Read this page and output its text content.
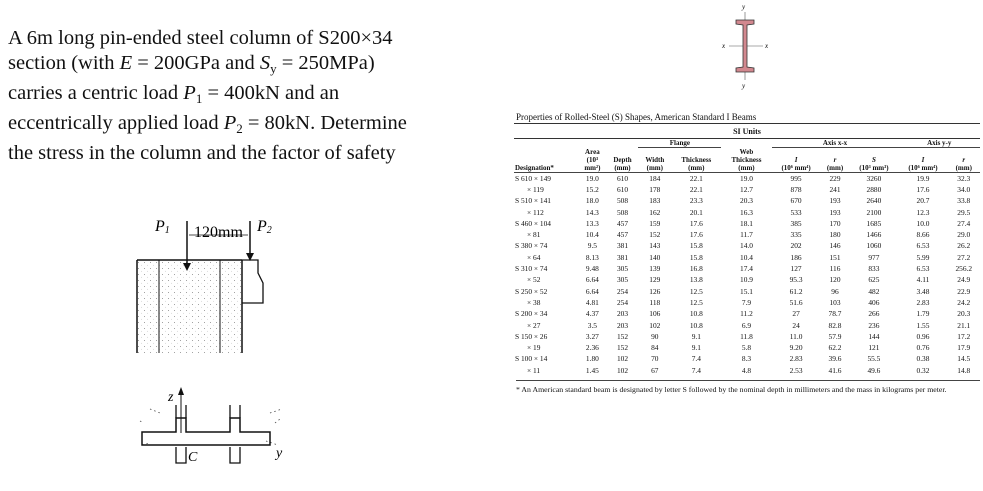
A 6m long pin-ended steel column of S200×34

section (with E = 200GPa and $S_y = 250MPa$)

carries a centric load $P_1 = 400kN$ and an

eccentrically applied load $P_2 = 80kN$. Determine

the stress in the column and the factor of safety

P1 120mm P2
z
C	y
y
y
x	x
Properties of Rolled-Steel (S) Shapes, American Standard I Beams
SI Units
			Flange			Axis x-x			Axis y-y	
Designation*	Area
(10³
mm²)	Depth
(mm)	Width
(mm)	Thickness
(mm)	Web
Thickness
(mm)	I
(10⁶ mm⁴)	r
(mm)	S
(10³ mm³)	I
(10⁶ mm⁴)	r
(mm)
S 610 × 149	19.0	610	184	22.1	19.0	995	229	3260	19.9	32.3
× 119	15.2	610	178	22.1	12.7	878	241	2880	17.6	34.0
S 510 × 141	18.0	508	183	23.3	20.3	670	193	2640	20.7	33.8
× 112	14.3	508	162	20.1	16.3	533	193	2100	12.3	29.5
S 460 × 104	13.3	457	159	17.6	18.1	385	170	1685	10.0	27.4
× 81	10.4	457	152	17.6	11.7	335	180	1466	8.66	29.0
S 380 × 74	9.5	381	143	15.8	14.0	202	146	1060	6.53	26.2
× 64	8.13	381	140	15.8	10.4	186	151	977	5.99	27.2
S 310 × 74	9.48	305	139	16.8	17.4	127	116	833	6.53	256.2
× 52	6.64	305	129	13.8	10.9	95.3	120	625	4.11	24.9
S 250 × 52	6.64	254	126	12.5	15.1	61.2	96	482	3.48	22.9
× 38	4.81	254	118	12.5	7.9	51.6	103	406	2.83	24.2
S 200 × 34	4.37	203	106	10.8	11.2	27	78.7	266	1.79	20.3
× 27	3.5	203	102	10.8	6.9	24	82.8	236	1.55	21.1
S 150 × 26	3.27	152	90	9.1	11.8	11.0	57.9	144	0.96	17.2
× 19	2.36	152	84	9.1	5.8	9.20	62.2	121	0.76	17.9
S 100 × 14	1.80	102	70	7.4	8.3	2.83	39.6	55.5	0.38	14.5
× 11	1.45	102	67	7.4	4.8	2.53	41.6	49.6	0.32	14.8
* An American standard beam is designated by letter S followed by the nominal depth in millimeters and the mass in kilograms per meter.
